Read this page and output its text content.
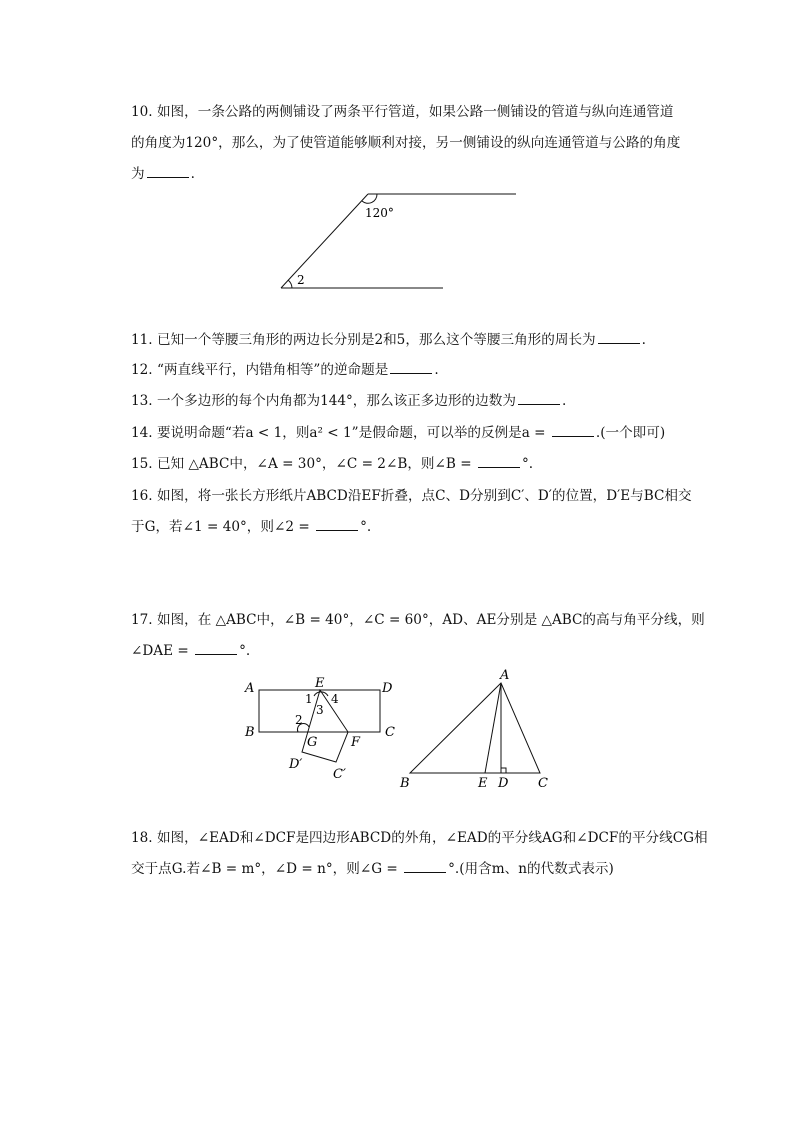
10. 如图，一条公路的两侧铺设了两条平行管道，如果公路一侧铺设的管道与纵向连通管道
的角度为120°，那么，为了使管道能够顺利对接，另一侧铺设的纵向连通管道与公路的角度
为	.
120°
2
11. 已知一个等腰三角形的两边长分别是2和5，那么这个等腰三角形的周长为	.
12. “两直线平行，内错角相等”的逆命题是	.
13. 一个多边形的每个内角都为144°，那么该正多边形的边数为	.
14. 要说明命题“若a < 1，则a² < 1”是假命题，可以举的反例是a =	.(一个即可)
15. 已知 △ABC中，∠A = 30°，∠C = 2∠B，则∠B =	°.
16. 如图，将一张长方形纸片ABCD沿EF折叠，点C、D分别到C′、D′的位置，D′E与BC相交
于G，若∠1 = 40°，则∠2 =	°.
17. 如图，在 △ABC中，∠B = 40°，∠C = 60°，AD、AE分别是 △ABC的高与角平分线，则
∠DAE =	°.
A
B	C
D
E
F
G
D′
C′
1
2
3
4
A
B	E D C
18. 如图，∠EAD和∠DCF是四边形ABCD的外角，∠EAD的平分线AG和∠DCF的平分线CG相
交于点G.若∠B = m°，∠D = n°，则∠G =	°.(用含m、n的代数式表示)
